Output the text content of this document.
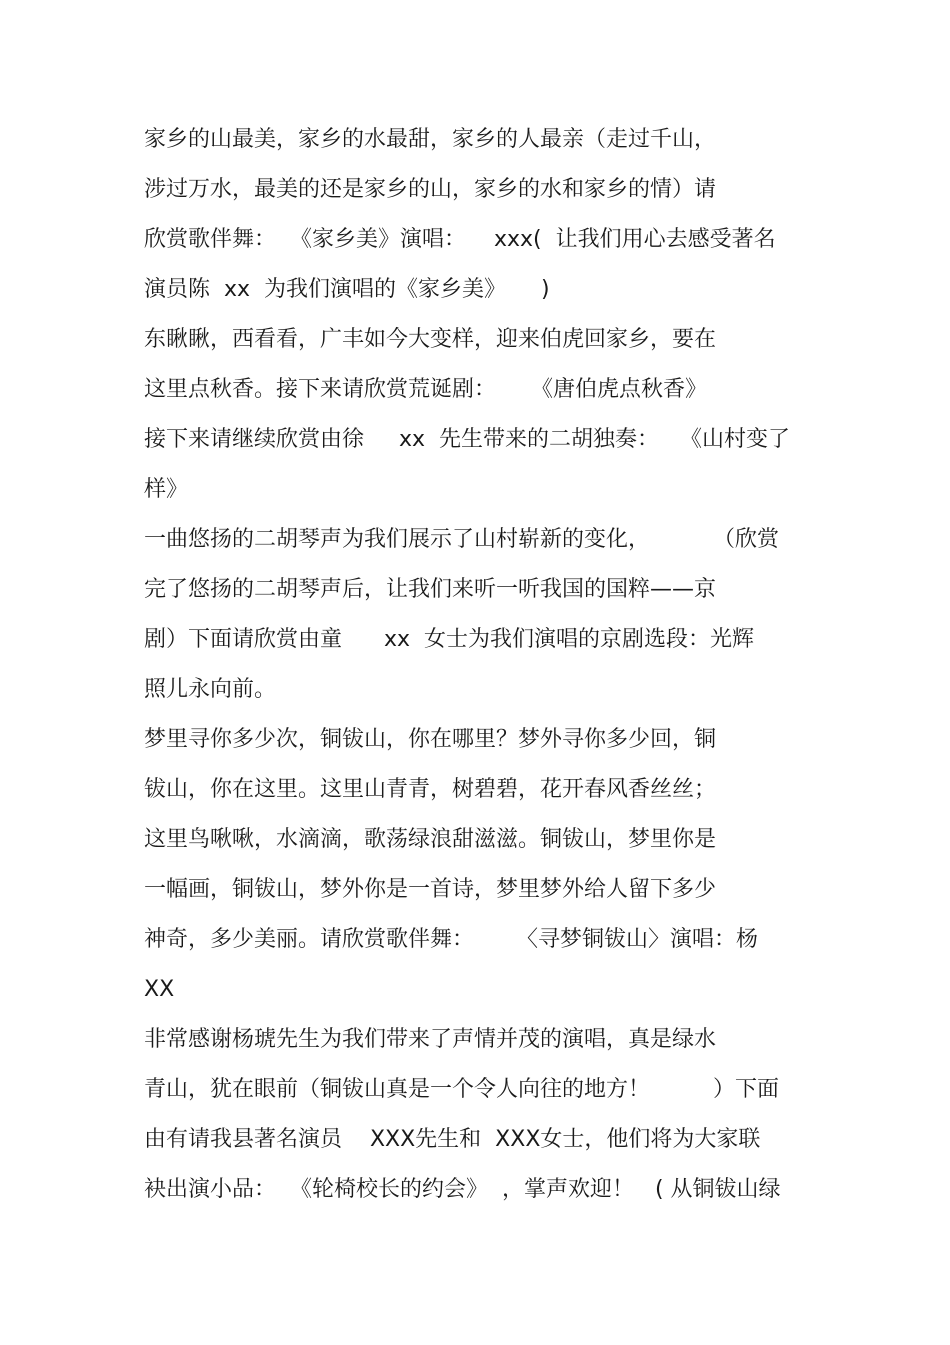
家乡的山最美，家乡的水最甜，家乡的人最亲（走过千山，
涉过万水，最美的还是家乡的山，家乡的水和家乡的情）请
欣赏歌伴舞：  《家乡美》演唱：    xxx(  让我们用心去感受著名
演员陈  xx  为我们演唱的《家乡美》     )
东瞅瞅，西看看，广丰如今大变样，迎来伯虎回家乡，要在
这里点秋香。接下来请欣赏荒诞剧：     《唐伯虎点秋香》
接下来请继续欣赏由徐     xx  先生带来的二胡独奏：   《山村变了
样》
一曲悠扬的二胡琴声为我们展示了山村崭新的变化，         （欣赏
完了悠扬的二胡琴声后，让我们来听一听我国的国粹——京
剧）下面请欣赏由童      xx  女士为我们演唱的京剧选段：光辉
照儿永向前。
梦里寻你多少次，铜钹山，你在哪里？梦外寻你多少回，铜
钹山，你在这里。这里山青青，树碧碧，花开春风香丝丝；
这里鸟啾啾，水滴滴，歌荡绿浪甜滋滋。铜钹山，梦里你是
一幅画，铜钹山，梦外你是一首诗，梦里梦外给人留下多少
神奇，多少美丽。请欣赏歌伴舞：      〈寻梦铜钹山〉演唱：杨
XX
非常感谢杨琥先生为我们带来了声情并茂的演唱，真是绿水
青山，犹在眼前（铜钹山真是一个令人向往的地方！         ）下面
由有请我县著名演员    XXX先生和  XXX女士，他们将为大家联
袂出演小品：  《轮椅校长的约会》  ，掌声欢迎！   ( 从铜钹山绿
